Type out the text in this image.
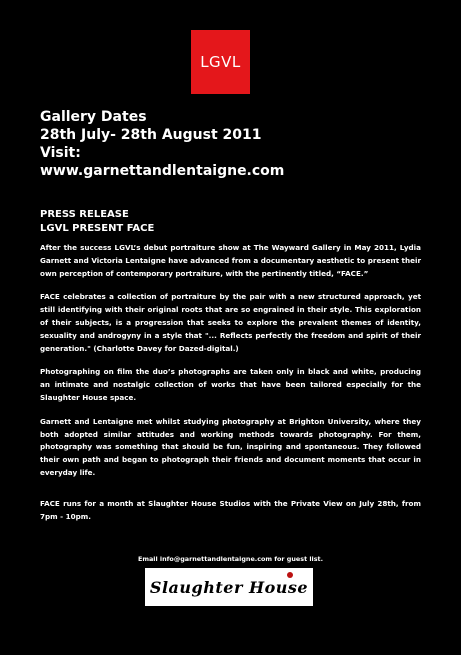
LGVL
Gallery Dates
28th July- 28th August 2011
Visit:
www.garnettandlentaigne.com
PRESS RELEASE
LGVL PRESENT FACE

After the success LGVL’s debut portraiture show at The Wayward Gallery in May 2011, Lydia Garnett and Victoria Lentaigne have advanced from a documentary aesthetic to present their own perception of contemporary portraiture, with the pertinently titled, “FACE.”

FACE celebrates a collection of portraiture by the pair with a new structured approach, yet still identifying with their original roots that are so engrained in their style. This exploration of their subjects, is a progression that seeks to explore the prevalent themes of identity, sexuality and androgyny in a style that "... Reflects perfectly the freedom and spirit of their generation." (Charlotte Davey for Dazed-digital.)

Photographing on film the duo’s photographs are taken only in black and white, producing an intimate and nostalgic collection of works that have been tailored especially for the Slaughter House space.

Garnett and Lentaigne met whilst studying photography at Brighton University, where they both adopted similar attitudes and working methods towards photography. For them, photography was something that should be fun, inspiring and spontaneous. They followed their own path and began to photograph their friends and document moments that occur in everyday life.

FACE runs for a month at Slaughter House Studios with the Private View on July 28th, from 7pm - 10pm.

Email info@garnettandlentaigne.com for guest list.
Slaughter House
